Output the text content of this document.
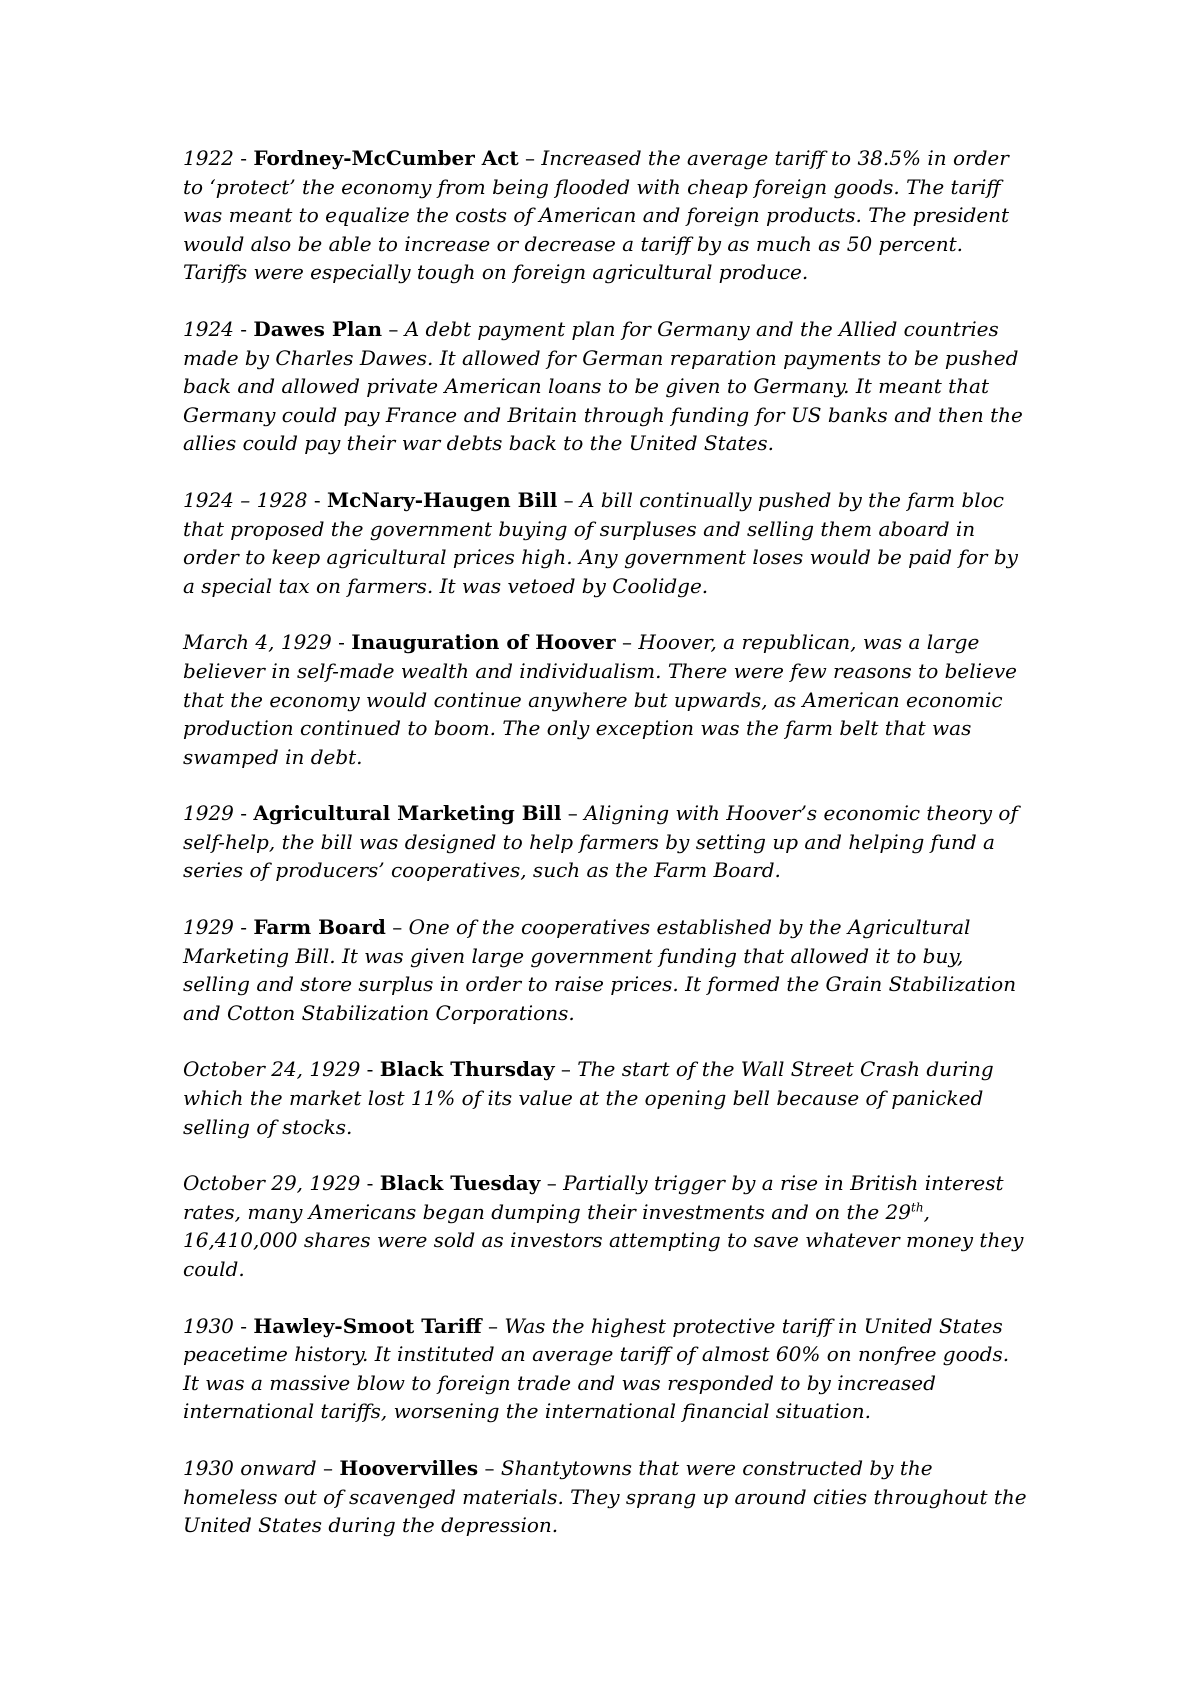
1922 - Fordney-McCumber Act – Increased the average tariff to 38.5% in order to ‘protect’ the economy from being flooded with cheap foreign goods. The tariff was meant to equalize the costs of American and foreign products. The president would also be able to increase or decrease a tariff by as much as 50 percent. Tariffs were especially tough on foreign agricultural produce.

1924 - Dawes Plan – A debt payment plan for Germany and the Allied countries made by Charles Dawes. It allowed for German reparation payments to be pushed back and allowed private American loans to be given to Germany. It meant that Germany could pay France and Britain through funding for US banks and then the allies could pay their war debts back to the United States.

1924 – 1928 - McNary-Haugen Bill – A bill continually pushed by the farm bloc that proposed the government buying of surpluses and selling them aboard in order to keep agricultural prices high. Any government loses would be paid for by a special tax on farmers. It was vetoed by Coolidge.

March 4, 1929 - Inauguration of Hoover – Hoover, a republican, was a large believer in self-made wealth and individualism. There were few reasons to believe that the economy would continue anywhere but upwards, as American economic production continued to boom. The only exception was the farm belt that was swamped in debt.

1929 - Agricultural Marketing Bill – Aligning with Hoover’s economic theory of self-help, the bill was designed to help farmers by setting up and helping fund a series of producers’ cooperatives, such as the Farm Board.

1929 - Farm Board – One of the cooperatives established by the Agricultural Marketing Bill. It was given large government funding that allowed it to buy, selling and store surplus in order to raise prices. It formed the Grain Stabilization and Cotton Stabilization Corporations.

October 24, 1929 - Black Thursday – The start of the Wall Street Crash during which the market lost 11% of its value at the opening bell because of panicked selling of stocks.

October 29, 1929 - Black Tuesday – Partially trigger by a rise in British interest rates, many Americans began dumping their investments and on the 29th, 16,410,000 shares were sold as investors attempting to save whatever money they could.

1930 - Hawley-Smoot Tariff – Was the highest protective tariff in United States peacetime history. It instituted an average tariff of almost 60% on nonfree goods. It was a massive blow to foreign trade and was responded to by increased international tariffs, worsening the international financial situation.

1930 onward – Hoovervilles – Shantytowns that were constructed by the homeless out of scavenged materials. They sprang up around cities throughout the United States during the depression.
